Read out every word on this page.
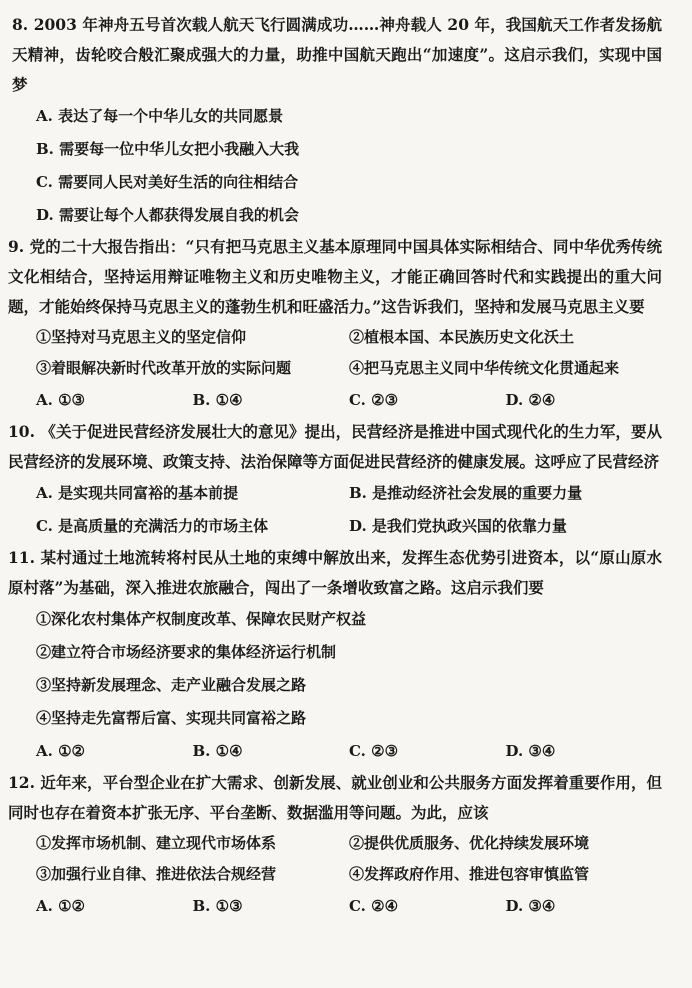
8. 2003 年神舟五号首次载人航天飞行圆满成功……神舟载人 20 年，我国航天工作者发扬航天精神，齿轮咬合般汇聚成强大的力量，助推中国航天跑出“加速度”。这启示我们，实现中国梦
A. 表达了每一个中华儿女的共同愿景
B. 需要每一位中华儿女把小我融入大我
C. 需要同人民对美好生活的向往相结合
D. 需要让每个人都获得发展自我的机会
9. 党的二十大报告指出：“只有把马克思主义基本原理同中国具体实际相结合、同中华优秀传统文化相结合，坚持运用辩证唯物主义和历史唯物主义，才能正确回答时代和实践提出的重大问题，才能始终保持马克思主义的蓬勃生机和旺盛活力。”这告诉我们，坚持和发展马克思主义要
①坚持对马克思主义的坚定信仰	②植根本国、本民族历史文化沃土
③着眼解决新时代改革开放的实际问题	④把马克思主义同中华传统文化贯通起来
A. ①③	B. ①④	C. ②③	D. ②④
10. 《关于促进民营经济发展壮大的意见》提出，民营经济是推进中国式现代化的生力军，要从民营经济的发展环境、政策支持、法治保障等方面促进民营经济的健康发展。这呼应了民营经济
A. 是实现共同富裕的基本前提	B. 是推动经济社会发展的重要力量
C. 是高质量的充满活力的市场主体	D. 是我们党执政兴国的依靠力量
11. 某村通过土地流转将村民从土地的束缚中解放出来，发挥生态优势引进资本，以“原山原水原村落”为基础，深入推进农旅融合，闯出了一条增收致富之路。这启示我们要
①深化农村集体产权制度改革、保障农民财产权益
②建立符合市场经济要求的集体经济运行机制
③坚持新发展理念、走产业融合发展之路
④坚持走先富帮后富、实现共同富裕之路
A. ①②	B. ①④	C. ②③	D. ③④
12. 近年来，平台型企业在扩大需求、创新发展、就业创业和公共服务方面发挥着重要作用，但同时也存在着资本扩张无序、平台垄断、数据滥用等问题。为此，应该
①发挥市场机制、建立现代市场体系	②提供优质服务、优化持续发展环境
③加强行业自律、推进依法合规经营	④发挥政府作用、推进包容审慎监管
A. ①②	B. ①③	C. ②④	D. ③④
